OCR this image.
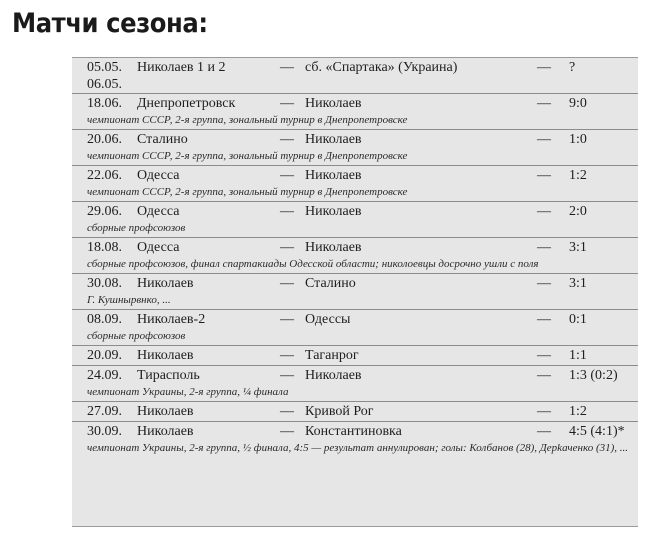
Матчи сезона:
05.05. Николаев 1 и 2	— сб. «Спартака» (Украина)	— ?
06.05.
18.06. Днепропетровск	— Николаев	— 9:0
чемпионат СССР, 2-я группа, зональный турнир в Днепропетровске
20.06. Сталино	— Николаев	— 1:0
чемпионат СССР, 2-я группа, зональный турнир в Днепропетровске
22.06. Одесса	— Николаев	— 1:2
чемпионат СССР, 2-я группа, зональный турнир в Днепропетровске
29.06. Одесса	— Николаев	— 2:0
сборные профсоюзов
18.08. Одесса	— Николаев	— 3:1
сборные профсоюзов, финал спартакиады Одесской области; николоевцы досрочно ушли с поля
30.08. Николаев	— Сталино	— 3:1
Г. Кушнырвнко, ...
08.09. Николаев-2	— Одессы	— 0:1
сборные профсоюзов
20.09. Николаев	— Таганрог	— 1:1
24.09. Тирасполь	— Николаев	— 1:3 (0:2)
чемпионат Украины, 2-я группа, ¼ финала
27.09. Николаев	— Кривой Рог	— 1:2
30.09. Николаев	— Константиновка	— 4:5 (4:1)*
чемпионат Украины, 2-я группа, ½ финала, 4:5 — результат аннулирован; голы: Колбанов (28), Дерkаченко (31), ...
